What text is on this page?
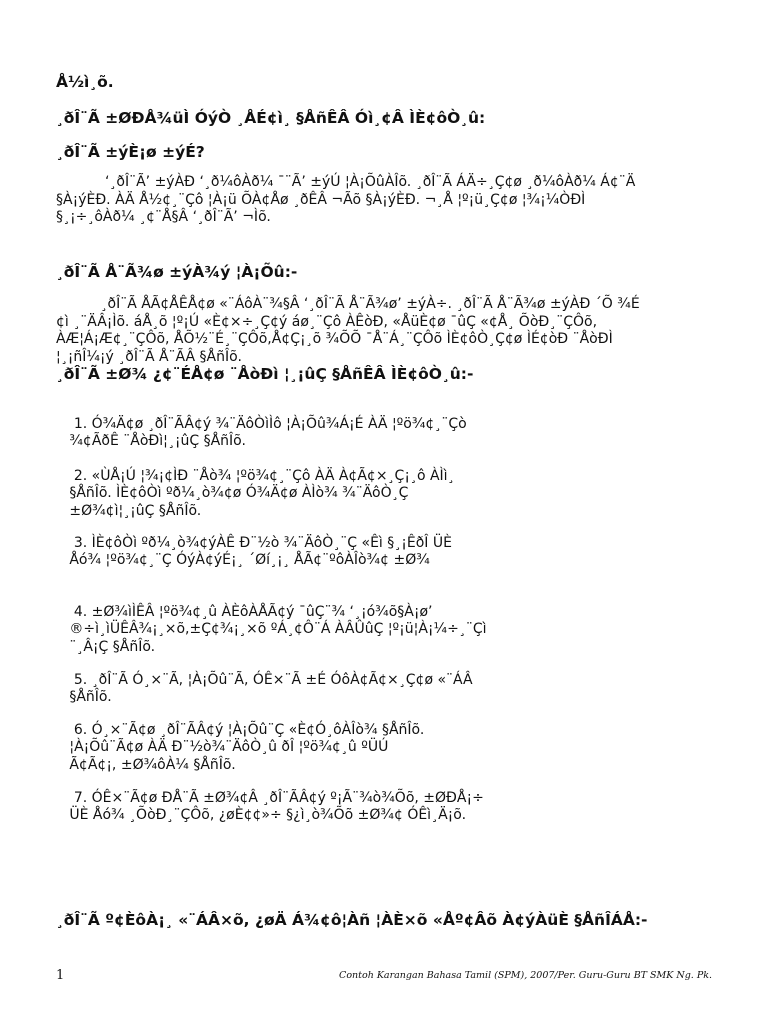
Å½ì¸õ.
¸ðÎ¨Ã ±ØÐÅ¾üÌ ÓýÒ ¸ÅÉ¢ì¸ §ÅñÊÂ Óì¸¢Â ÌÈ¢ôÒ¸û:
¸ðÎ¨Ã ±ýÈ¡ø ±ýÉ?
‘¸ðÎ¨Ã’ ±ýÀÐ ‘¸ð¼ôÀð¼ ¯¨Ã’ ±ýÚ ¦À¡ÕûÀÎõ. ¸ðÎ¨Ã ÁÄ÷¸Ç¢ø ¸ð¼ôÀð¼ Á¢¨Ä
§À¡ýÈÐ. ÀÄ Å½¢¸¨Çô ¦À¡ü ÕÀ¢Åø ¸ðÊÂ ¬Ãõ §À¡ýÈÐ. ¬¸Å ¦º¡ü¸Ç¢ø ¦¾¡¼ÒÐÌ
§¸¡÷¸ôÀð¼ ¸¢¨Å§Â ‘¸ðÎ¨Ã’ ¬Ìõ.
¸ðÎ¨Ã Å¨Ã¾ø ±ýÀ¾ý ¦À¡Õû:-
¸ðÎ¨Ã ÅÃ¢ÅÊÅ¢ø «¨ÁôÀ¨¾§Â ‘¸ðÎ¨Ã Å¨Ã¾ø’ ±ýÀ÷. ¸ðÎ¨Ã Å¨Ã¾ø ±ýÀÐ ´Õ ¾É
¢ì ¸¨ÄÂ¡Ìõ. áÅ¸õ ¦º¡Ú «È¢×÷¸Ç¢ý áø¸¨Çô ÀÊòÐ, «ÅüÈ¢ø ¯ûÇ «¢Å¸ ÕòÐ¸¨ÇÔõ,
ÀÆ¦Á¡Æ¢¸¨ÇÔõ, ÅÕ½¨É¸¨ÇÔõ,Å¢Ç¡¸õ ¾ÕÕ ¯Å¨Á¸¨ÇÔõ ÌÈ¢ôÒ¸Ç¢ø ÌÉ¢òÐ ¨ÅòÐÌ
¦¸¡ñÎ¼¡ý ¸ðÎ¨Ã Å¨ÃÂ §ÅñÎõ.
¸ðÎ¨Ã ±Ø¾ ¿¢¨ÉÅ¢ø ¨ÅòÐì ¦¸¡ûÇ §ÅñÊÂ ÌÈ¢ôÒ¸û:-

1. Ó¾Ä¢ø ¸ðÎ¨ÃÂ¢ý ¾¨ÄôÒìÌô ¦À¡Õû¾Á¡É ÀÄ ¦ºö¾¢¸¨Çò
¾¢ÃðÊ ¨ÅòÐì¦¸¡ûÇ §ÅñÎõ.

2. «ÙÅ¡Ú ¦¾¡¢ÌÐ ¨Åò¾ ¦ºö¾¢¸¨Çô ÀÄ À¢Ã¢×¸Ç¡¸ô ÀÌì¸
§ÅñÎõ. ÌÈ¢ôÒì ºð¼¸ò¾¢ø Ó¾Ä¢ø ÀÌò¾ ¾¨ÄôÒ¸Ç
±Ø¾¢ì¦¸¡ûÇ §ÅñÎõ.

3. ÌÈ¢ôÒì ºð¼¸ò¾¢ýÀÊ Ð¨½ò ¾¨ÄôÒ¸¨Ç «Êì §¸¡ÊðÎ ÜÈ
Åó¾ ¦ºö¾¢¸¨Ç ÓýÀ¢ýÉ¡¸ ´Øí¸¡¸ ÅÃ¢¨ºôÀÎò¾¢ ±Ø¾

4. ±Ø¾ìÌÊÂ ¦ºö¾¢¸û ÀÈôÀÅÃ¢ý ¯ûÇ¨¾ ‘¸¡ó¾õ§À¡ø’
®÷ì¸ìÜÊÂ¾¡¸×õ,±Ç¢¾¡¸×õ ºÁ¸¢Ô¨Á ÀÂÛûÇ ¦º¡ü¦À¡¼÷¸¨Çì
¨¸Â¡Ç §ÅñÎõ.

5. ¸ðÎ¨Ã Ó¸×¨Ã, ¦À¡Õû¨Ã, ÓÊ×¨Ã ±É ÓôÀ¢Ã¢×¸Ç¢ø «¨ÁÂ
§ÅñÎõ.

6. Ó¸×¨Ã¢ø ¸ðÎ¨ÃÂ¢ý ¦À¡Õû¨Ç «È¢Ó¸ôÀÎò¾ §ÅñÎõ.
¦À¡Õû¨Ã¢ø ÀÄ Ð¨½ò¾¨ÄôÒ¸û ðÎ ¦ºö¾¢¸û ºÜÚ
Ã¢Ã¢¡, ±Ø¾ôÀ¼ §ÅñÎõ.

7. ÓÊ×¨Ã¢ø ÐÅ¨Ã ±Ø¾¢Â ¸ðÎ¨ÃÂ¢ý º¡Ã¨¾ò¾Õõ, ±ØÐÅ¡÷
ÜÈ Åó¾ ¸ÕòÐ¸¨ÇÔõ, ¿øÈ¢¢»÷ §¿ì¸ò¾Õõ ±Ø¾¢ ÓÊì¸Ä¡õ.

¸ðÎ¨Ã º¢ÈôÀ¡¸ «¨ÁÂ×õ, ¿øÄ Á¾¢ô¦Àñ ¦ÀÈ×õ «Åº¢Âõ À¢ýÀüÈ §ÅñÎÁÅ:-
1	Contoh Karangan Bahasa Tamil (SPM), 2007/Per. Guru-Guru BT SMK Ng. Pk.
